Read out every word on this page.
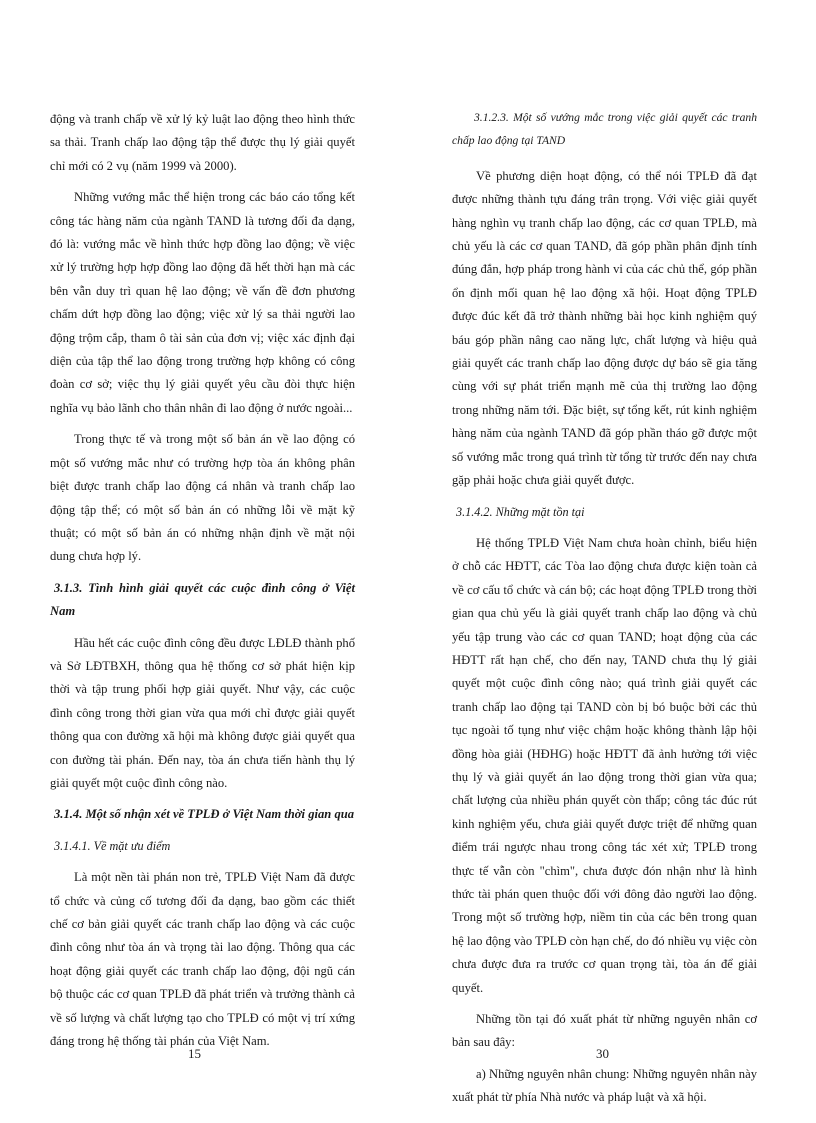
động và tranh chấp về xử lý kỷ luật lao động theo hình thức sa thải. Tranh chấp lao động tập thể được thụ lý giải quyết chỉ mới có 2 vụ (năm 1999 và 2000).

Những vướng mắc thể hiện trong các báo cáo tổng kết công tác hàng năm của ngành TAND là tương đối đa dạng, đó là: vướng mắc về hình thức hợp đồng lao động; về việc xử lý trường hợp hợp đồng lao động đã hết thời hạn mà các bên vẫn duy trì quan hệ lao động; về vấn đề đơn phương chấm dứt hợp đồng lao động; việc xử lý sa thải người lao động trộm cắp, tham ô tài sản của đơn vị; việc xác định đại diện của tập thể lao động trong trường hợp không có công đoàn cơ sở; việc thụ lý giải quyết yêu cầu đòi thực hiện nghĩa vụ bảo lãnh cho thân nhân đi lao động ở nước ngoài...

Trong thực tế và trong một số bản án về lao động có một số vướng mắc như có trường hợp tòa án không phân biệt được tranh chấp lao động cá nhân và tranh chấp lao động tập thể; có một số bản án có những lỗi về mặt kỹ thuật; có một số bản án có những nhận định về mặt nội dung chưa hợp lý.

3.1.3. Tình hình giải quyết các cuộc đình công ở Việt Nam

Hầu hết các cuộc đình công đều được LĐLĐ thành phố và Sở LĐTBXH, thông qua hệ thống cơ sở phát hiện kịp thời và tập trung phối hợp giải quyết. Như vậy, các cuộc đình công trong thời gian vừa qua mới chỉ được giải quyết thông qua con đường xã hội mà không được giải quyết qua con đường tài phán. Đến nay, tòa án chưa tiến hành thụ lý giải quyết một cuộc đình công nào.

3.1.4. Một số nhận xét về TPLĐ ở Việt Nam thời gian qua
3.1.4.1. Về mặt ưu điểm

Là một nền tài phán non trẻ, TPLĐ Việt Nam đã được tổ chức và củng cố tương đối đa dạng, bao gồm các thiết chế cơ bản giải quyết các tranh chấp lao động và các cuộc đình công như tòa án và trọng tài lao động. Thông qua các hoạt động giải quyết các tranh chấp lao động, đội ngũ cán bộ thuộc các cơ quan TPLĐ đã phát triển và trưởng thành cả về số lượng và chất lượng tạo cho TPLĐ có một vị trí xứng đáng trong hệ thống tài phán của Việt Nam.

15
3.1.2.3. Một số vướng mắc trong việc giải quyết các tranh chấp lao động tại TAND

Về phương diện hoạt động, có thể nói TPLĐ đã đạt được những thành tựu đáng trân trọng. Với việc giải quyết hàng nghìn vụ tranh chấp lao động, các cơ quan TPLĐ, mà chủ yếu là các cơ quan TAND, đã góp phần phân định tính đúng đắn, hợp pháp trong hành vi của các chủ thể, góp phần ổn định mối quan hệ lao động xã hội. Hoạt động TPLĐ được đúc kết đã trở thành những bài học kinh nghiệm quý báu góp phần nâng cao năng lực, chất lượng và hiệu quả giải quyết các tranh chấp lao động được dự báo sẽ gia tăng cùng với sự phát triển mạnh mẽ của thị trường lao động trong những năm tới. Đặc biệt, sự tổng kết, rút kinh nghiệm hàng năm của ngành TAND đã góp phần tháo gỡ được một số vướng mắc trong quá trình từ tổng từ trước đến nay chưa gặp phải hoặc chưa giải quyết được.

3.1.4.2. Những mặt tồn tại

Hệ thống TPLĐ Việt Nam chưa hoàn chỉnh, biểu hiện ở chỗ các HĐTT, các Tòa lao động chưa được kiện toàn cả về cơ cấu tổ chức và cán bộ; các hoạt động TPLĐ trong thời gian qua chủ yếu là giải quyết tranh chấp lao động và chủ yếu tập trung vào các cơ quan TAND; hoạt động của các HĐTT rất hạn chế, cho đến nay, TAND chưa thụ lý giải quyết một cuộc đình công nào; quá trình giải quyết các tranh chấp lao động tại TAND còn bị bó buộc bởi các thủ tục ngoài tố tụng như việc chậm hoặc không thành lập hội đồng hòa giải (HĐHG) hoặc HĐTT đã ảnh hưởng tới việc thụ lý và giải quyết án lao động trong thời gian vừa qua; chất lượng của nhiều phán quyết còn thấp; công tác đúc rút kinh nghiệm yếu, chưa giải quyết được triệt để những quan điểm trái ngược nhau trong công tác xét xử; TPLĐ trong thực tế vẫn còn "chìm", chưa được đón nhận như là hình thức tài phán quen thuộc đối với đông đảo người lao động. Trong một số trường hợp, niềm tin của các bên trong quan hệ lao động vào TPLĐ còn hạn chế, do đó nhiều vụ việc còn chưa được đưa ra trước cơ quan trọng tài, tòa án để giải quyết.

Những tồn tại đó xuất phát từ những nguyên nhân cơ bản sau đây:

a) Những nguyên nhân chung: Những nguyên nhân này xuất phát từ phía Nhà nước và pháp luật và xã hội.

30
